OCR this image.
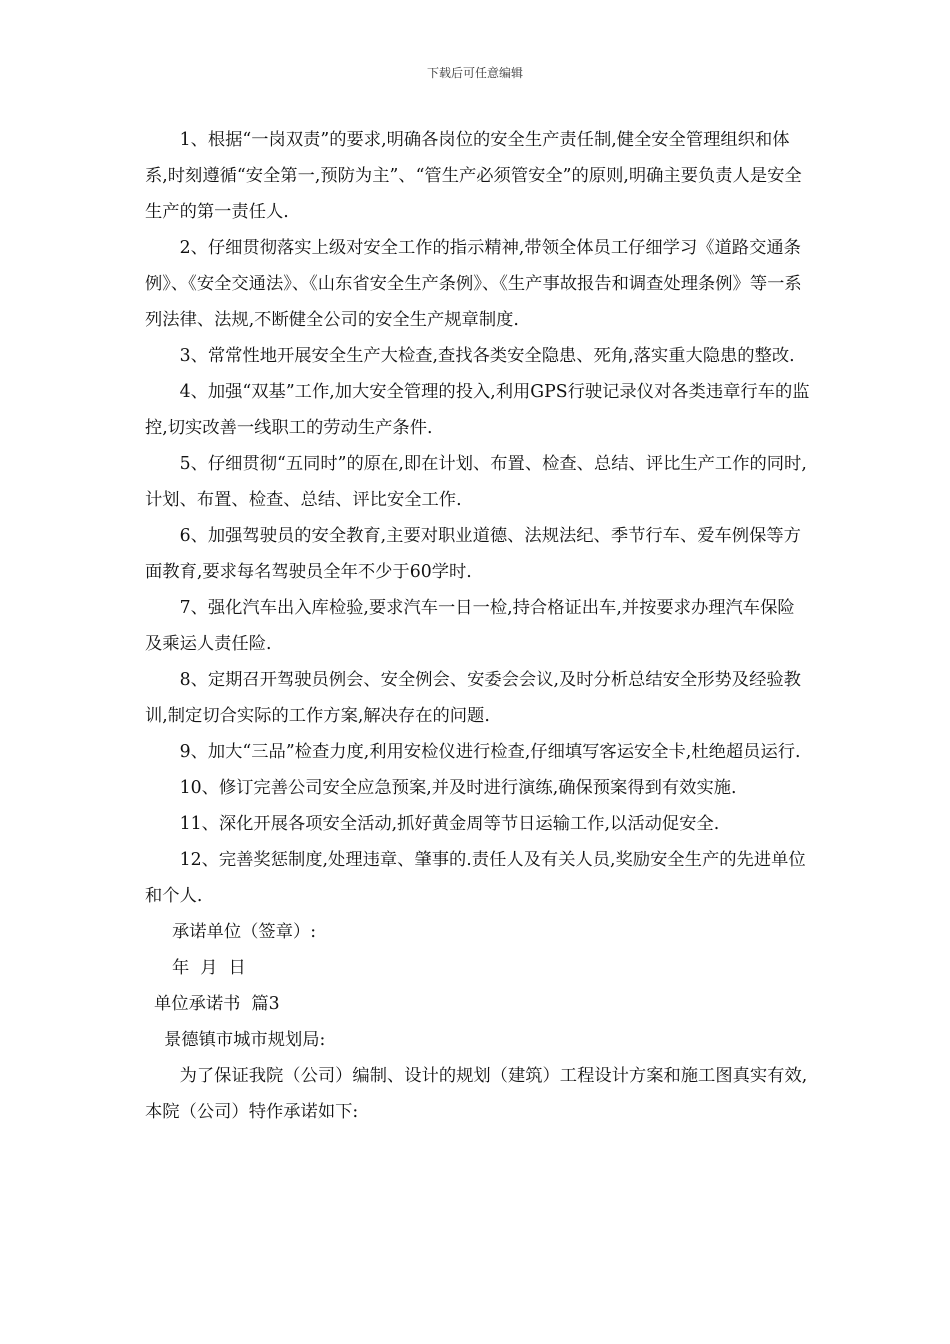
下载后可任意编辑

1、根据“一岗双责”的要求,明确各岗位的安全生产责任制,健全安全管理组织和体系,时刻遵循“安全第一,预防为主”、“管生产必须管安全”的原则,明确主要负责人是安全生产的第一责任人.

2、仔细贯彻落实上级对安全工作的指示精神,带领全体员工仔细学习《道路交通条例》、《安全交通法》、《山东省安全生产条例》、《生产事故报告和调查处理条例》等一系列法律、法规,不断健全公司的安全生产规章制度.

3、常常性地开展安全生产大检查,查找各类安全隐患、死角,落实重大隐患的整改.

4、加强“双基”工作,加大安全管理的投入,利用GPS行驶记录仪对各类违章行车的监控,切实改善一线职工的劳动生产条件.

5、仔细贯彻“五同时”的原在,即在计划、布置、检查、总结、评比生产工作的同时,计划、布置、检查、总结、评比安全工作.

6、加强驾驶员的安全教育,主要对职业道德、法规法纪、季节行车、爱车例保等方面教育,要求每名驾驶员全年不少于60学时.

7、强化汽车出入库检验,要求汽车一日一检,持合格证出车,并按要求办理汽车保险及乘运人责任险.

8、定期召开驾驶员例会、安全例会、安委会会议,及时分析总结安全形势及经验教训,制定切合实际的工作方案,解决存在的问题.

9、加大“三品”检查力度,利用安检仪进行检查,仔细填写客运安全卡,杜绝超员运行.

10、修订完善公司安全应急预案,并及时进行演练,确保预案得到有效实施.

11、深化开展各项安全活动,抓好黄金周等节日运输工作,以活动促安全.

12、完善奖惩制度,处理违章、肇事的.责任人及有关人员,奖励安全生产的先进单位和个人.

承诺单位（签章）:

年  月  日

单位承诺书  篇3

景德镇市城市规划局:

为了保证我院（公司）编制、设计的规划（建筑）工程设计方案和施工图真实有效,本院（公司）特作承诺如下:
